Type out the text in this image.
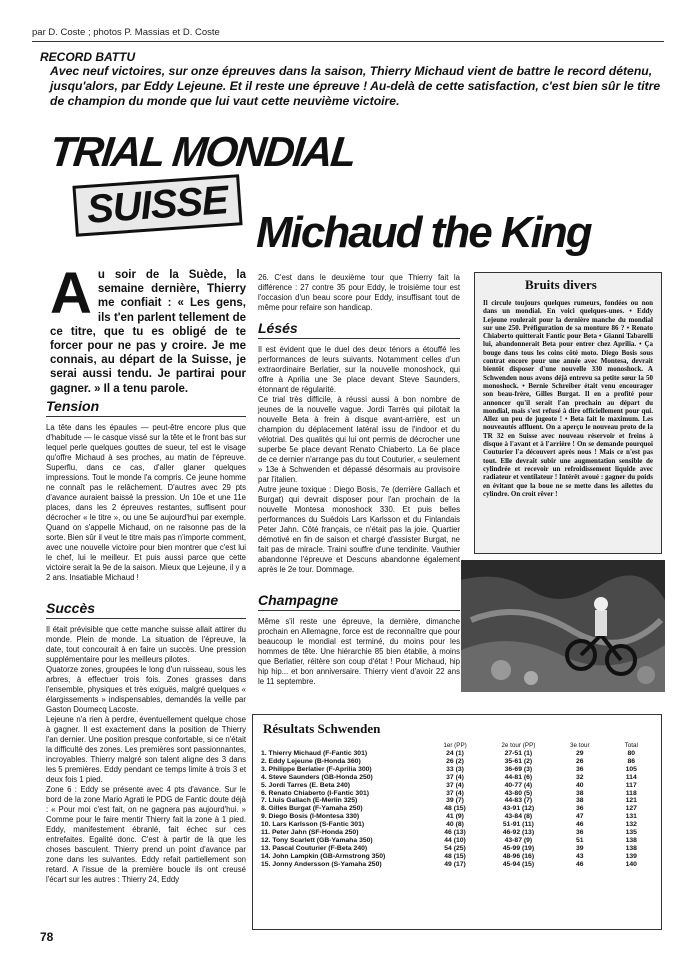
par D. Coste ; photos P. Massias et D. Coste
RECORD BATTU
Avec neuf victoires, sur onze épreuves dans la saison, Thierry Michaud vient de battre le record détenu, jusqu'alors, par Eddy Lejeune. Et il reste une épreuve ! Au-delà de cette satisfaction, c'est bien sûr le titre de champion du monde que lui vaut cette neuvième victoire.
TRIAL MONDIAL
SUISSE
Michaud the King
A u soir de la Suède, la semaine dernière, Thierry me confiait : « Les gens, ils t'en parlent tellement de ce titre, que tu es obligé de te forcer pour ne pas y croire. Je me connais, au départ de la Suisse, je serai aussi tendu. Je partirai pour gagner. » Il a tenu parole.
Tension
La tête dans les épaules — peut-être encore plus que d'habitude — le casque vissé sur la tête et le front bas sur lequel perle quelques gouttes de sueur, tel est le visage qu'offre Michaud à ses proches, au matin de l'épreuve. Superflu, dans ce cas, d'aller glaner quelques impressions. Tout le monde l'a compris. Ce jeune homme ne connaît pas le relâchement. D'autres avec 29 pts d'avance auraient baissé la pression. Un 10e et une 11e places, dans les 2 épreuves restantes, suffisent pour décrocher « le titre », ou une 5e aujourd'hui par exemple. Quand on s'appelle Michaud, on ne raisonne pas de la sorte. Bien sûr il veut le titre mais pas n'importe comment, avec une nouvelle victoire pour bien montrer que c'est lui le chef, lui le meilleur. Et puis aussi parce que cette victoire serait la 9e de la saison. Mieux que Lejeune, il y a 2 ans. Insatiable Michaud !
Succès

Il était prévisible que cette manche suisse allait attirer du monde. Plein de monde. La situation de l'épreuve, la date, tout concourait à en faire un succès. Une pression supplémentaire pour les meilleurs pilotes.

Quatorze zones, groupées le long d'un ruisseau, sous les arbres, à effectuer trois fois. Zones grasses dans l'ensemble, physiques et très exiguës, malgré quelques « élargissements » indispensables, demandés la veille par Gaston Doumecq Lacoste.

Lejeune n'a rien à perdre, éventuellement quelque chose à gagner. Il est exactement dans la position de Thierry l'an dernier. Une position presque confortable, si ce n'était la difficulté des zones. Les premières sont passionnantes, incroyables. Thierry malgré son talent aligne des 3 dans les 5 premières. Eddy pendant ce temps limite à trois 3 et deux fois 1 pied.

Zone 6 : Eddy se présente avec 4 pts d'avance. Sur le bord de la zone Mario Agrati le PDG de Fantic doute déjà : « Pour moi c'est fait, on ne gagnera pas aujourd'hui. » Comme pour le faire mentir Thierry fait la zone à 1 pied. Eddy, manifestement ébranlé, fait échec sur ces entrefaites. Egalité donc. C'est à partir de là que les choses basculent. Thierry prend un point d'avance par zone dans les suivantes. Eddy refait partiellement son retard. A l'issue de la première boucle ils ont creusé l'écart sur les autres : Thierry 24, Eddy

26. C'est dans le deuxième tour que Thierry fait la différence : 27 contre 35 pour Eddy, le troisième tour est l'occasion d'un beau score pour Eddy, insuffisant tout de même pour refaire son handicap.
Lésés

Il est évident que le duel des deux ténors a étouffé les performances de leurs suivants. Notamment celles d'un extraordinaire Berlatier, sur la nouvelle monoshock, qui offre à Aprilia une 3e place devant Steve Saunders, étonnant de régularité.

Ce trial très difficile, à réussi aussi à bon nombre de jeunes de la nouvelle vague. Jordi Tarrès qui pilotait la nouvelle Beta à frein à disque avant-arrière, est un champion du déplacement latéral issu de l'indoor et du vélotrial. Des qualités qui lui ont permis de décrocher une superbe 5e place devant Renato Chiaberto. La 6e place de ce dernier n'arrange pas du tout Couturier, « seulement » 13e à Schwenden et dépassé désormais au provisoire par l'italien.

Autre jeune toxique : Diego Bosis, 7e (derrière Gallach et Burgat) qui devrait disposer pour l'an prochain de la nouvelle Montesa monoshock 330. Et puis belles performances du Suédois Lars Karlsson et du Finlandais Peter Jahn. Côté français, ce n'était pas la joie. Quartier démotivé en fin de saison et chargé d'assister Burgat, ne fait pas de miracle. Traini souffre d'une tendinite. Vauthier abandonne l'épreuve et Descuns abandonne également après le 2e tour. Dommage.

Champagne
Même s'il reste une épreuve, la dernière, dimanche prochain en Allemagne, force est de reconnaître que pour beaucoup le mondial est terminé, du moins pour les hommes de tête. Une hiérarchie 85 bien établie, à moins que Berlatier, réitère son coup d'état ! Pour Michaud, hip hip hip... et bon anniversaire. Thierry vient d'avoir 22 ans le 11 septembre.
Bruits divers
Il circule toujours quelques rumeurs, fondées ou non dans un mondial. En voici quelques-unes. • Eddy Lejeune roulerait pour la dernière manche du mondial sur une 250. Préfiguration de sa monture 86 ? • Renato Chiaberto quitterait Fantic pour Beta • Gianni Tabarelli lui, abandonnerait Beta pour entrer chez Aprilia. • Ça bouge dans tous les coins côté moto. Diego Bosis sous contrat encore pour une année avec Montesa, devrait bientôt disposer d'une nouvelle 330 monoshock. A Schwenden nous avons déjà entrevu sa petite sœur la 50 monoshock. • Bernie Schreiber était venu encourager son beau-frère, Gilles Burgat. Il en a profité pour annoncer qu'il serait l'an prochain au départ du mondial, mais s'est refusé à dire officiellement pour qui. Allez un peu de jugeote ! • Beta fait le maximum. Les nouveautés affluent. On a aperçu le nouveau proto de la TR 32 en Suisse avec nouveau réservoir et freins à disque à l'avant et à l'arrière ! On se demande pourquoi Couturier l'a découvert après nous ! Mais ce n'est pas tout. Elle devrait subir une augmentation sensible de cylindrée et recevoir un refroidissement liquide avec radiateur et ventilateur ! Intérêt avoué : gagner du poids en évitant que la boue ne se mette dans les ailettes du cylindre. On croit rêver !
Résultats Schwenden
	1er (PP)	2e tour (PP)	3e tour	Total
1. Thierry Michaud (F-Fantic 301)	24 (1)	27-51 (1)	29	80
2. Eddy Lejeune (B-Honda 360)	26 (2)	35-61 (2)	26	86
3. Philippe Berlatier (F-Aprilia 300)	33 (3)	36-69 (3)	36	105
4. Steve Saunders (GB-Honda 250)	37 (4)	44-81 (6)	32	114
5. Jordi Tarres (E. Beta 240)	37 (4)	40-77 (4)	40	117
6. Renato Chiaberto (I-Fantic 301)	37 (4)	43-80 (5)	38	118
7. Lluis Gallach (E-Merlin 325)	39 (7)	44-83 (7)	38	121
8. Gilles Burgat (F-Yamaha 250)	48 (15)	43-91 (12)	36	127
9. Diego Bosis (I-Montesa 330)	41 (9)	43-84 (8)	47	131
10. Lars Karlsson (S-Fantic 301)	40 (8)	51-91 (11)	46	132
11. Peter Jahn (SF-Honda 250)	46 (13)	46-92 (13)	36	135
12. Tony Scarlett (GB-Yamaha 350)	44 (10)	43-87 (9)	51	138
13. Pascal Couturier (F-Beta 240)	54 (25)	45-99 (19)	39	138
14. John Lampkin (GB-Armstrong 350)	48 (15)	48-96 (16)	43	139
15. Jonny Andersson (S-Yamaha 250)	49 (17)	45-94 (15)	46	140
78
